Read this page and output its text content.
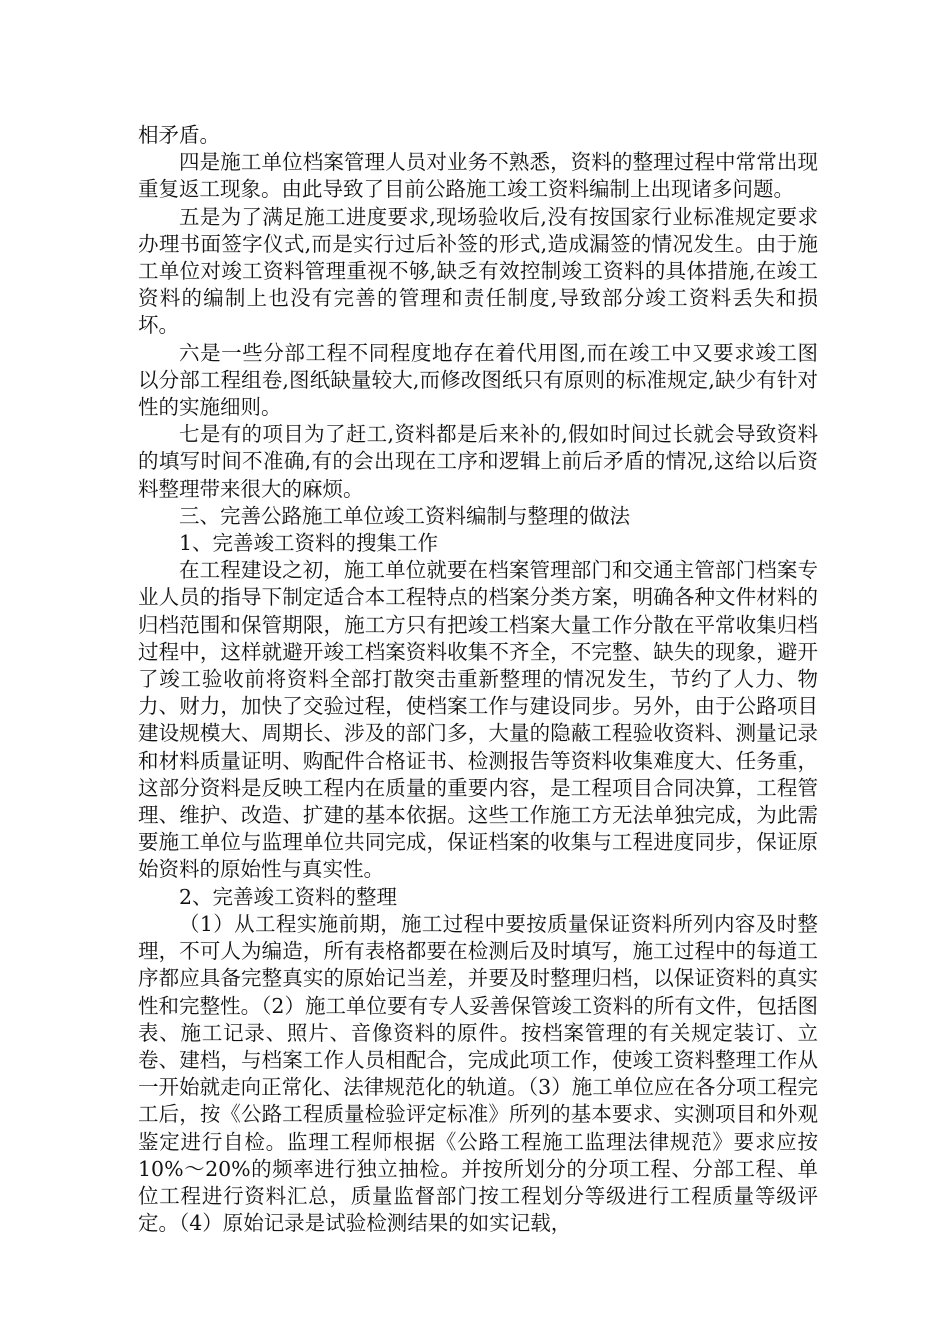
相矛盾。

四是施工单位档案管理人员对业务不熟悉，资料的整理过程中常常出现重复返工现象。由此导致了目前公路施工竣工资料编制上出现诸多问题。

五是为了满足施工进度要求,现场验收后,没有按国家行业标准规定要求办理书面签字仪式,而是实行过后补签的形式,造成漏签的情况发生。由于施工单位对竣工资料管理重视不够,缺乏有效控制竣工资料的具体措施,在竣工资料的编制上也没有完善的管理和责任制度,导致部分竣工资料丢失和损坏。

六是一些分部工程不同程度地存在着代用图,而在竣工中又要求竣工图以分部工程组卷,图纸缺量较大,而修改图纸只有原则的标准规定,缺少有针对性的实施细则。

七是有的项目为了赶工,资料都是后来补的,假如时间过长就会导致资料的填写时间不准确,有的会出现在工序和逻辑上前后矛盾的情况,这给以后资料整理带来很大的麻烦。

三、完善公路施工单位竣工资料编制与整理的做法

1、完善竣工资料的搜集工作

在工程建设之初，施工单位就要在档案管理部门和交通主管部门档案专业人员的指导下制定适合本工程特点的档案分类方案，明确各种文件材料的归档范围和保管期限，施工方只有把竣工档案大量工作分散在平常收集归档过程中，这样就避开竣工档案资料收集不齐全，不完整、缺失的现象，避开了竣工验收前将资料全部打散突击重新整理的情况发生，节约了人力、物力、财力，加快了交验过程，使档案工作与建设同步。另外，由于公路项目建设规模大、周期长、涉及的部门多，大量的隐蔽工程验收资料、测量记录和材料质量证明、购配件合格证书、检测报告等资料收集难度大、任务重，这部分资料是反映工程内在质量的重要内容，是工程项目合同决算，工程管理、维护、改造、扩建的基本依据。这些工作施工方无法单独完成，为此需要施工单位与监理单位共同完成，保证档案的收集与工程进度同步，保证原始资料的原始性与真实性。

2、完善竣工资料的整理

（1）从工程实施前期，施工过程中要按质量保证资料所列内容及时整理，不可人为编造，所有表格都要在检测后及时填写，施工过程中的每道工序都应具备完整真实的原始记当差，并要及时整理归档，以保证资料的真实性和完整性。（2）施工单位要有专人妥善保管竣工资料的所有文件，包括图表、施工记录、照片、音像资料的原件。按档案管理的有关规定装订、立卷、建档，与档案工作人员相配合，完成此项工作，使竣工资料整理工作从一开始就走向正常化、法律规范化的轨道。（3）施工单位应在各分项工程完工后，按《公路工程质量检验评定标准》所列的基本要求、实测项目和外观鉴定进行自检。监理工程师根据《公路工程施工监理法律规范》要求应按10%～20%的频率进行独立抽检。并按所划分的分项工程、分部工程、单位工程进行资料汇总，质量监督部门按工程划分等级进行工程质量等级评定。（4）原始记录是试验检测结果的如实记载，
